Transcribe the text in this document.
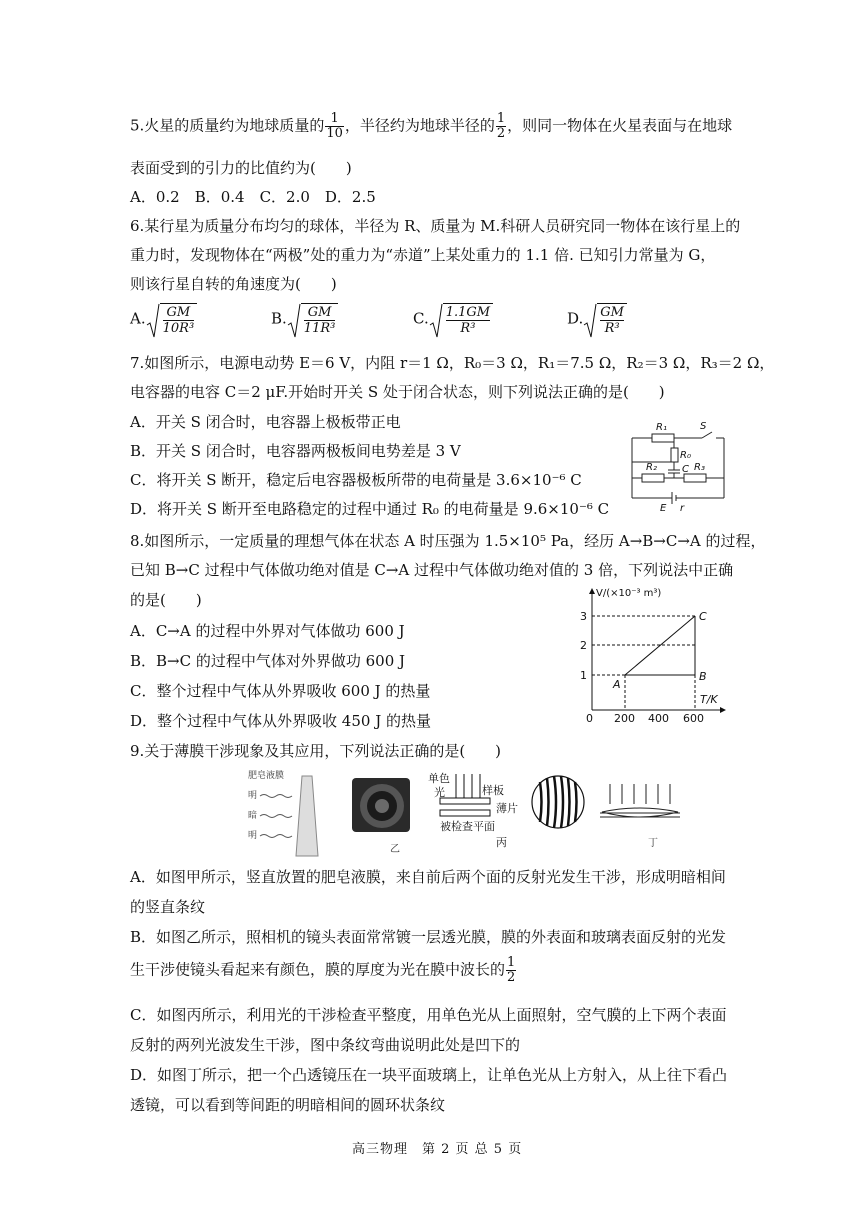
5.火星的质量约为地球质量的 $\frac{1}{10}$ ，半径约为地球半径的 $\frac{1}{2}$ ，则同一物体在火星表面与在地球
表面受到的引力的比值约为(　　)
A．0.2　B．0.4　C．2.0　D．2.5
6.某行星为质量分布均匀的球体，半径为 R、质量为 M.科研人员研究同一物体在该行星上的
重力时，发现物体在“两极”处的重力为“赤道”上某处重力的 1.1 倍. 已知引力常量为 G，
则该行星自转的角速度为(　　)
A. $\frac{GM}{\text{10R³}}$	B. $\frac{GM}{\text{11R³}}$	C. $\frac{1.1GM}{\text{R³}}$	D. $\frac{GM}{\text{R³}}$
7.如图所示，电源电动势 E＝6 V，内阻 r＝1 Ω，R₀＝3 Ω，R₁＝7.5 Ω，R₂＝3 Ω，R₃＝2 Ω，
电容器的电容 C＝2 μF.开始时开关 S 处于闭合状态，则下列说法正确的是(　　)
A．开关 S 闭合时，电容器上极板带正电
B．开关 S 闭合时，电容器两极板间电势差是 3 V
C．将开关 S 断开，稳定后电容器极板所带的电荷量是 3.6×10⁻⁶ C
D．将开关 S 断开至电路稳定的过程中通过 R₀ 的电荷量是 9.6×10⁻⁶ C
R₁	S
R₀
C
R₂	R₃
E r
8.如图所示，一定质量的理想气体在状态 A 时压强为 1.5×10⁵ Pa，经历 A→B→C→A 的过程，
已知 B→C 过程中气体做功绝对值是 C→A 过程中气体做功绝对值的 3 倍，下列说法中正确
的是(　　)
A．C→A 的过程中外界对气体做功 600 J
B．B→C 的过程中气体对外界做功 600 J
C．整个过程中气体从外界吸收 600 J 的热量
D．整个过程中气体从外界吸收 450 J 的热量
V/(×10⁻³ m³)
3
2
1
0 200 400 600
T/K
A
B
C
9.关于薄膜干涉现象及其应用，下列说法正确的是(　　)
肥皂液膜
明
暗
明
乙
单色
光	样板
薄片
被检查平面
丙	丁
A．如图甲所示，竖直放置的肥皂液膜，来自前后两个面的反射光发生干涉，形成明暗相间
的竖直条纹
B．如图乙所示，照相机的镜头表面常常镀一层透光膜，膜的外表面和玻璃表面反射的光发
生干涉使镜头看起来有颜色，膜的厚度为光在膜中波长的 $\frac{1}{2}$
C．如图丙所示，利用光的干涉检查平整度，用单色光从上面照射，空气膜的上下两个表面
反射的两列光波发生干涉，图中条纹弯曲说明此处是凹下的
D．如图丁所示，把一个凸透镜压在一块平面玻璃上，让单色光从上方射入，从上往下看凸
透镜，可以看到等间距的明暗相间的圆环状条纹
高三物理　第 2 页 总 5 页
